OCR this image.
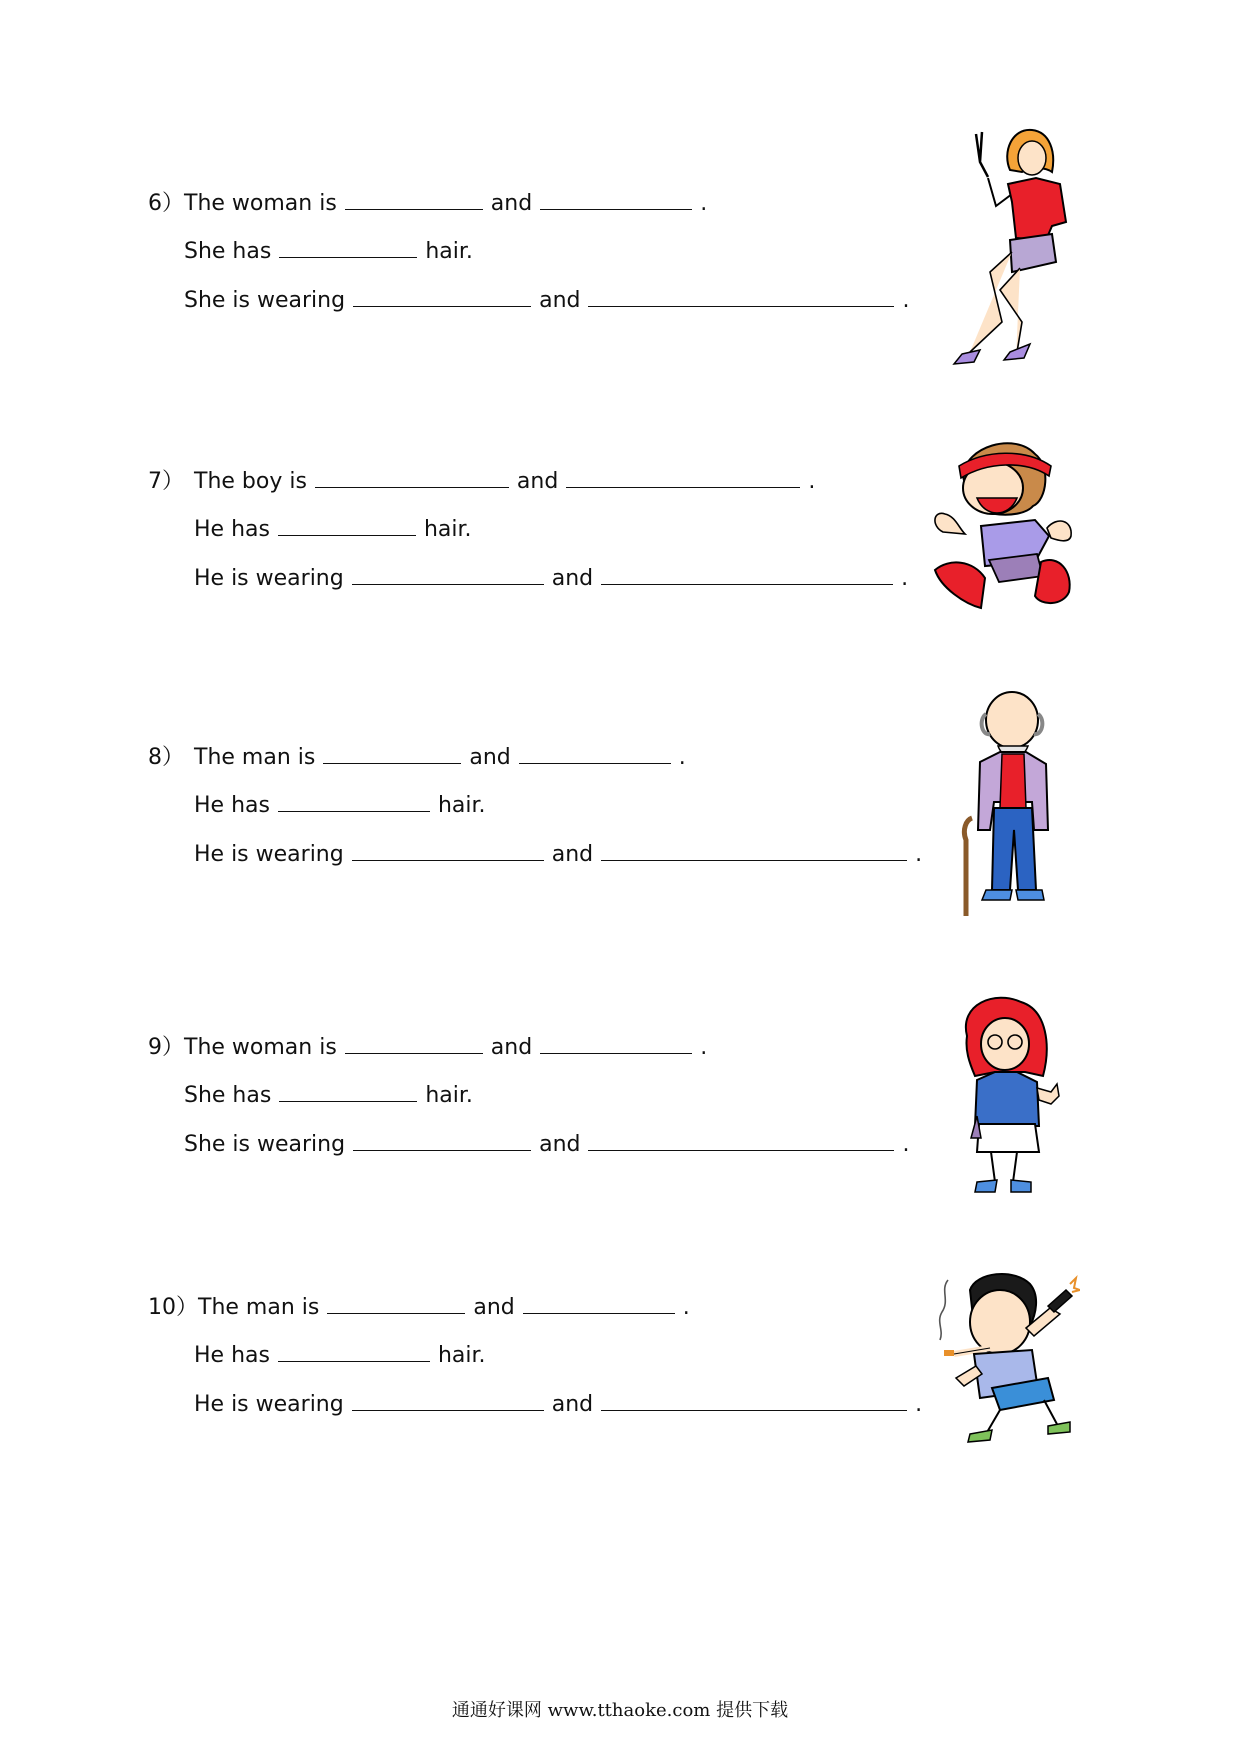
6） The woman is	and	.
She has	hair.
She is wearing	and	.
7） The boy is	and	.
He has	hair.
He is wearing	and	.
8） The man is	and	.
He has	hair.
He is wearing	and	.
9） The woman is	and	.
She has	hair.
She is wearing	and	.
10） The man is	and	.
He has	hair.
He is wearing	and	.
通通好课网 www.tthaoke.com 提供下载
